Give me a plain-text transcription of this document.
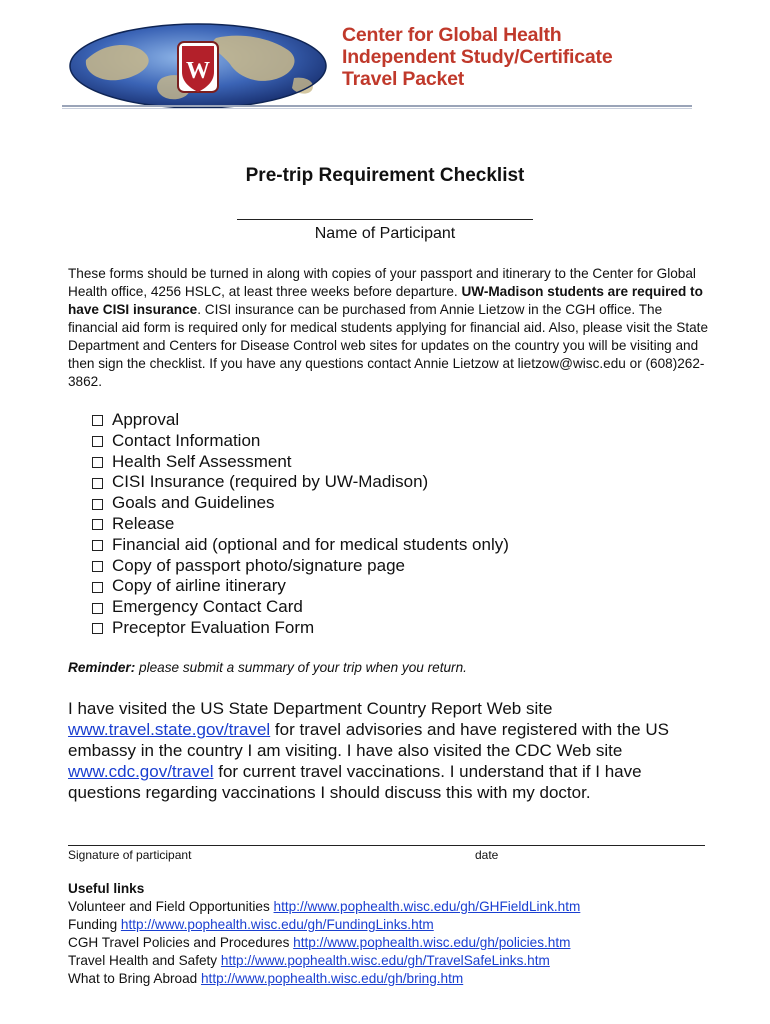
W
Center for Global Health
Independent Study/Certificate
Travel Packet
Pre-trip Requirement Checklist
Name of Participant
These forms should be turned in along with copies of your passport and itinerary to the Center for Global Health office, 4256 HSLC, at least three weeks before departure. UW-Madison students are required to have CISI insurance. CISI insurance can be purchased from Annie Lietzow in the CGH office. The financial aid form is required only for medical students applying for financial aid. Also, please visit the State Department and Centers for Disease Control web sites for updates on the country you will be visiting and then sign the checklist. If you have any questions contact Annie Lietzow at lietzow@wisc.edu or (608)262-3862.
Approval
Contact Information
Health Self Assessment
CISI Insurance (required by UW-Madison)
Goals and Guidelines
Release
Financial aid (optional and for medical students only)
Copy of passport photo/signature page
Copy of airline itinerary
Emergency Contact Card
Preceptor Evaluation Form
Reminder: please submit a summary of your trip when you return.
I have visited the US State Department Country Report Web site www.travel.state.gov/travel for travel advisories and have registered with the US embassy in the country I am visiting. I have also visited the CDC Web site www.cdc.gov/travel for current travel vaccinations. I understand that if I have questions regarding vaccinations I should discuss this with my doctor.
Signature of participant	date
Useful links
Volunteer and Field Opportunities http://www.pophealth.wisc.edu/gh/GHFieldLink.htm
Funding http://www.pophealth.wisc.edu/gh/FundingLinks.htm
CGH Travel Policies and Procedures http://www.pophealth.wisc.edu/gh/policies.htm
Travel Health and Safety http://www.pophealth.wisc.edu/gh/TravelSafeLinks.htm
What to Bring Abroad http://www.pophealth.wisc.edu/gh/bring.htm
